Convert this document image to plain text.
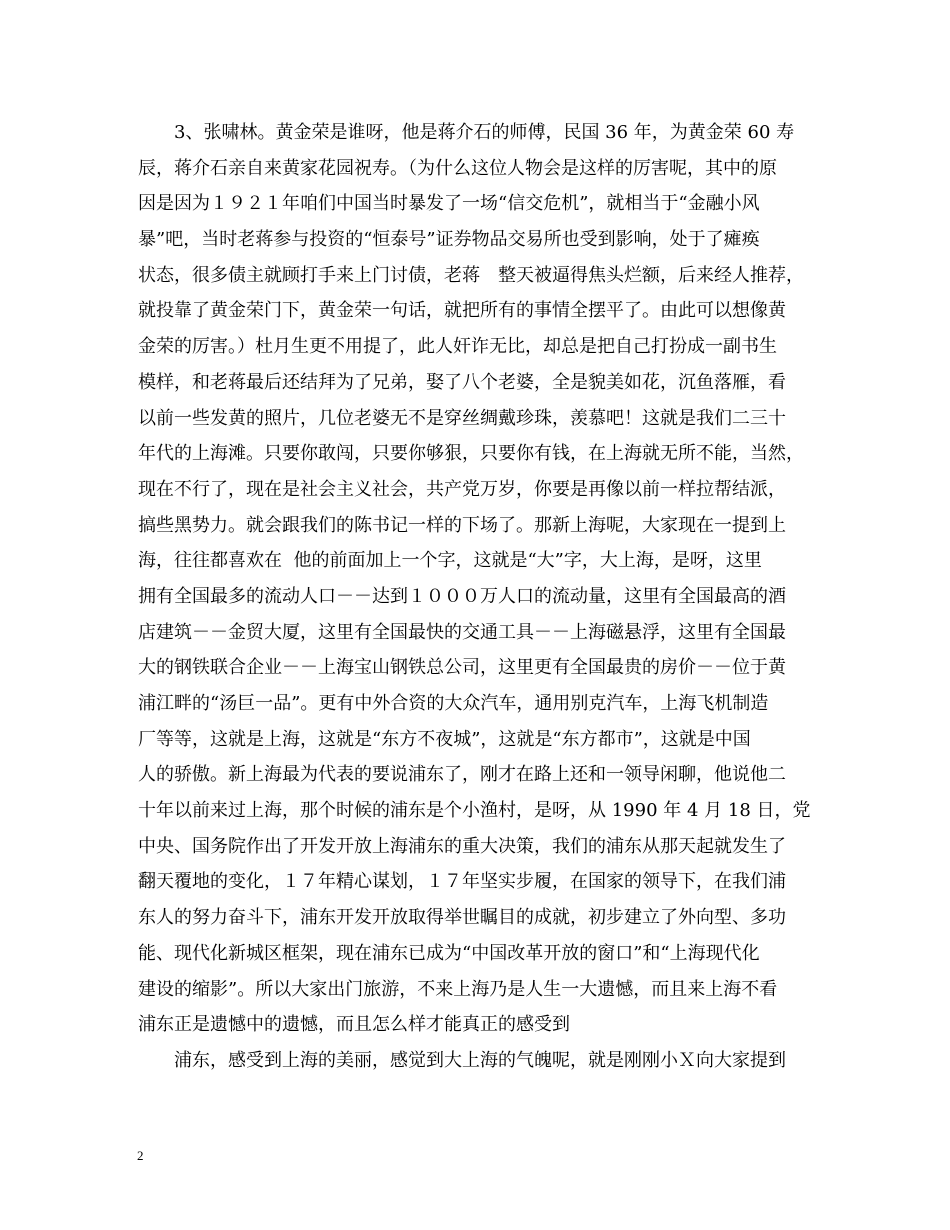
　　3、张啸林。黄金荣是谁呀，他是蒋介石的师傅，民国 36 年，为黄金荣 60 寿
辰，蒋介石亲自来黄家花园祝寿。（为什么这位人物会是这样的厉害呢，其中的原
因是因为１９２１年咱们中国当时暴发了一场“信交危机”，就相当于“金融小风
暴”吧，当时老蒋参与投资的“恒泰号”证券物品交易所也受到影响，处于了瘫痪
状态，很多债主就顾打手来上门讨债，老蒋　整天被逼得焦头烂额，后来经人推荐，
就投靠了黄金荣门下，黄金荣一句话，就把所有的事情全摆平了。由此可以想像黄
金荣的厉害。）杜月生更不用提了，此人奸诈无比，却总是把自己打扮成一副书生
模样，和老蒋最后还结拜为了兄弟，娶了八个老婆，全是貌美如花，沉鱼落雁，看
以前一些发黄的照片，几位老婆无不是穿丝绸戴珍珠，羡慕吧！这就是我们二三十
年代的上海滩。只要你敢闯，只要你够狠，只要你有钱，在上海就无所不能，当然，
现在不行了，现在是社会主义社会，共产党万岁，你要是再像以前一样拉帮结派，
搞些黑势力。就会跟我们的陈书记一样的下场了。那新上海呢，大家现在一提到上
海，往往都喜欢在  他的前面加上一个字，这就是“大”字，大上海，是呀，这里
拥有全国最多的流动人口－－达到１０００万人口的流动量，这里有全国最高的酒
店建筑－－金贸大厦，这里有全国最快的交通工具－－上海磁悬浮，这里有全国最
大的钢铁联合企业－－上海宝山钢铁总公司，这里更有全国最贵的房价－－位于黄
浦江畔的“汤巨一品”。更有中外合资的大众汽车，通用别克汽车，上海飞机制造
厂等等，这就是上海，这就是“东方不夜城”，这就是“东方都市”，这就是中国
人的骄傲。新上海最为代表的要说浦东了，刚才在路上还和一领导闲聊，他说他二
十年以前来过上海，那个时候的浦东是个小渔村，是呀，从 1990 年 4 月 18 日，党
中央、国务院作出了开发开放上海浦东的重大决策，我们的浦东从那天起就发生了
翻天覆地的变化，１７年精心谋划，１７年坚实步履，在国家的领导下，在我们浦
东人的努力奋斗下，浦东开发开放取得举世瞩目的成就，初步建立了外向型、多功
能、现代化新城区框架，现在浦东已成为“中国改革开放的窗口”和“上海现代化
建设的缩影”。所以大家出门旅游，不来上海乃是人生一大遗憾，而且来上海不看
浦东正是遗憾中的遗憾，而且怎么样才能真正的感受到
　　浦东，感受到上海的美丽，感觉到大上海的气魄呢，就是刚刚小Ｘ向大家提到
2
